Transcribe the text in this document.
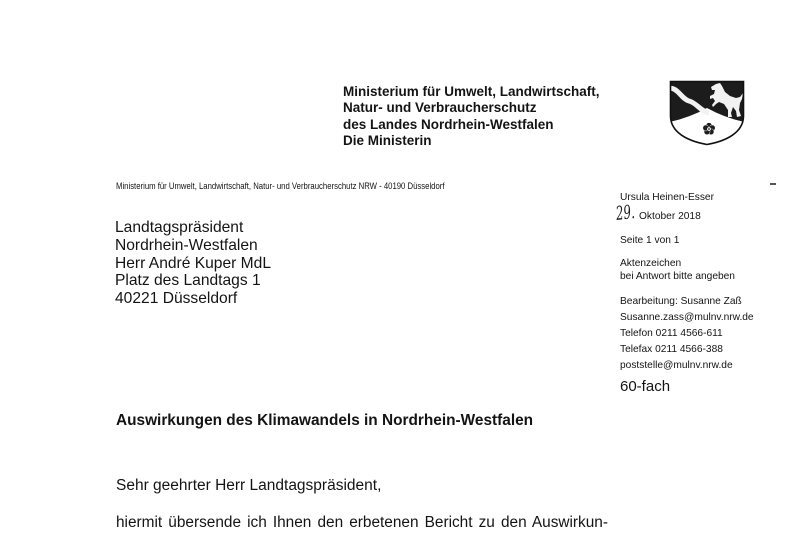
Ministerium für Umwelt, Landwirtschaft,
Natur- und Verbraucherschutz
des Landes Nordrhein-Westfalen
Die Ministerin
Ministerium für Umwelt, Landwirtschaft, Natur- und Verbraucherschutz NRW - 40190 Düsseldorf
Landtagspräsident
Nordrhein-Westfalen
Herr André Kuper MdL
Platz des Landtags 1
40221 Düsseldorf
Ursula Heinen-Esser
29. Oktober 2018
Seite 1 von 1
Aktenzeichen
bei Antwort bitte angeben
Bearbeitung: Susanne Zaß
Susanne.zass@mulnv.nrw.de
Telefon 0211 4566-611
Telefax 0211 4566-388
poststelle@mulnv.nrw.de
60-fach
Auswirkungen des Klimawandels in Nordrhein-Westfalen
Sehr geehrter Herr Landtagspräsident,
hiermit übersende ich Ihnen den erbetenen Bericht zu den Auswirkun-
